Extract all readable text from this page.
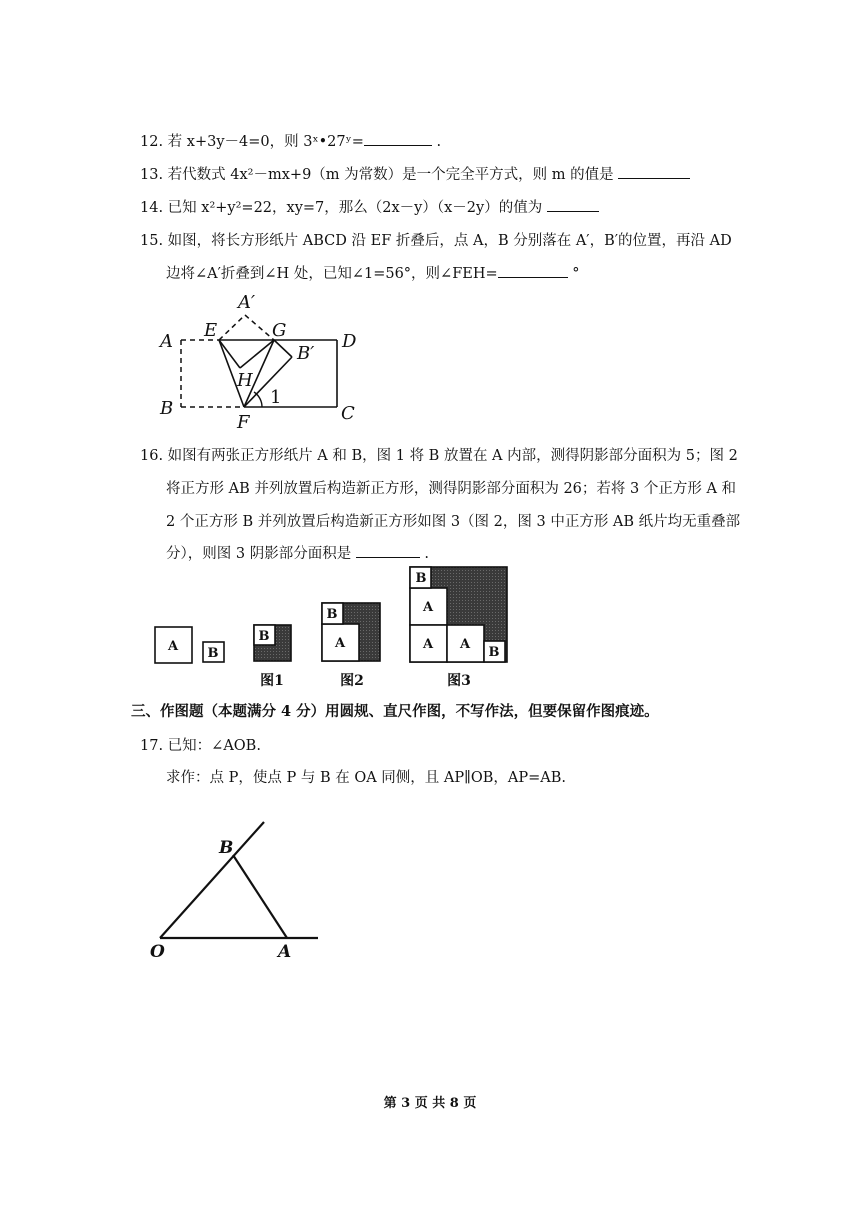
12. 若 x+3y－4=0，则 3ˣ•27ʸ=	.
13. 若代数式 4x²－mx+9（m 为常数）是一个完全平方式，则 m 的值是
14. 已知 x²+y²=22，xy=7，那么（2x－y）（x－2y）的值为
15. 如图，将长方形纸片 ABCD 沿 EF 折叠后，点 A，B 分别落在 A′，B′的位置，再沿 AD
边将∠A′折叠到∠H 处，已知∠1=56°，则∠FEH=	°
A′
A
E	G
D
B′
H
1
B
F	C
16. 如图有两张正方形纸片 A 和 B，图 1 将 B 放置在 A 内部，测得阴影部分面积为 5；图 2
将正方形 AB 并列放置后构造新正方形，测得阴影部分面积为 26；若将 3 个正方形 A 和
2 个正方形 B 并列放置后构造新正方形如图 3（图 2，图 3 中正方形 AB 纸片均无重叠部
分），则图 3 阴影部分面积是	.
A B
B
B
A
B
A
A A
B
图1	图2	图3
三、作图题（本题满分 4 分）用圆规、直尺作图，不写作法，但要保留作图痕迹。
17. 已知：∠AOB.
求作：点 P，使点 P 与 B 在 OA 同侧，且 AP∥OB，AP=AB.
O	A
B
第 3 页 共 8 页
